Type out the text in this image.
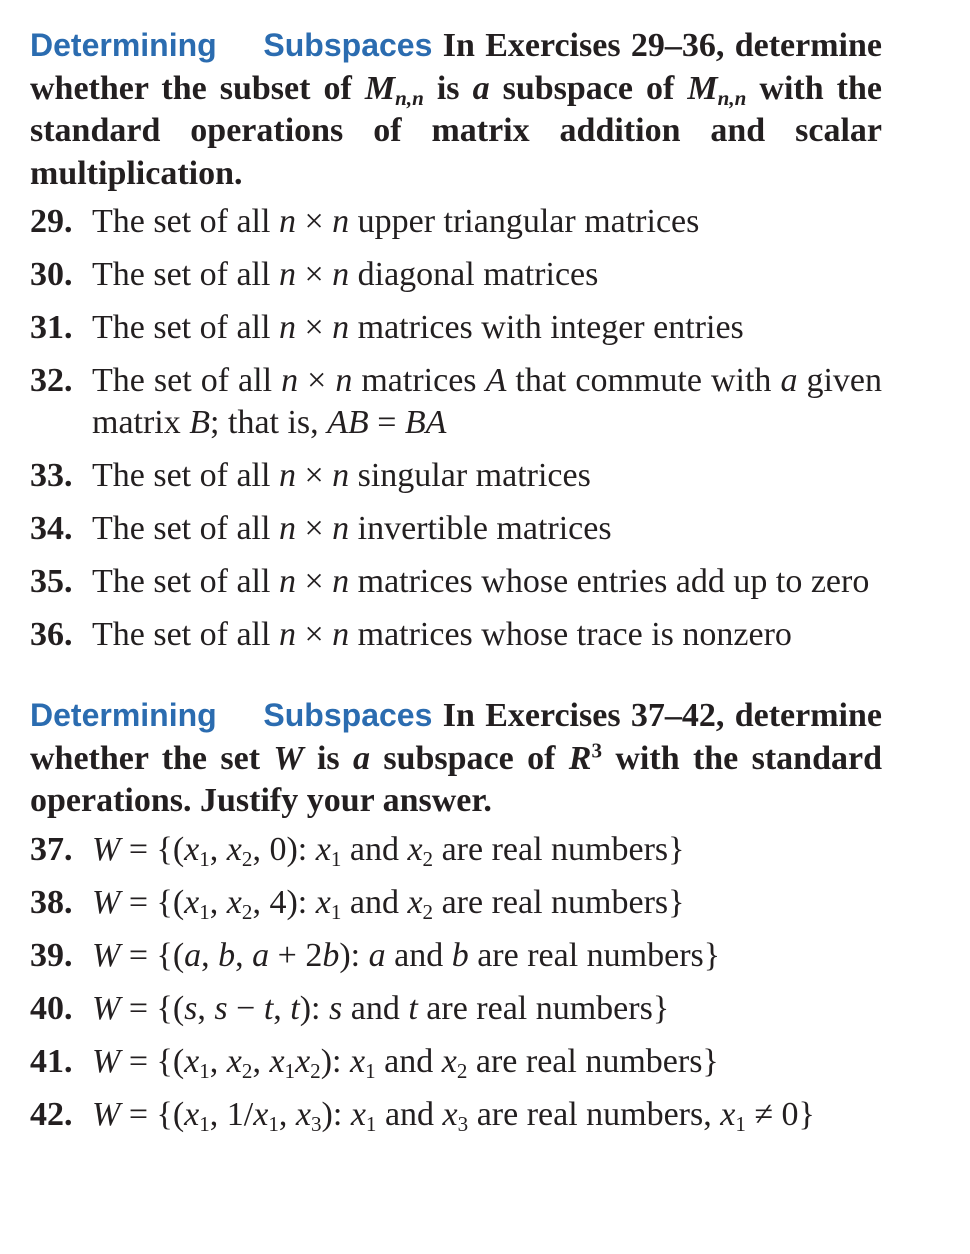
Determining Subspaces In Exercises 29–36, determine whether the subset of $M_{n,n}$ is a subspace of $M_{n,n}$ with the standard operations of matrix addition and scalar multiplication.

29. The set of all n × n upper triangular matrices
30. The set of all n × n diagonal matrices
31. The set of all n × n matrices with integer entries
32. The set of all n × n matrices A that commute with a given matrix B; that is, AB = BA
33. The set of all n × n singular matrices
34. The set of all n × n invertible matrices
35. The set of all n × n matrices whose entries add up to zero
36. The set of all n × n matrices whose trace is nonzero

Determining Subspaces In Exercises 37–42, determine whether the set W is a subspace of $R^3$ with the standard operations. Justify your answer.

37. $W = \{(x_1$, $x_2$, 0): $x_1$ and $x_2$ are real numbers}
38. $W = \{(x_1$, $x_2$, 4): $x_1$ and $x_2$ are real numbers}
39. W = {(a, b, a + 2b): a and b are real numbers}
40. W = {(s, s − t, t): s and t are real numbers}
41. $W = \{(x_1$, $x_2$, $x_1x_2$): $x_1$ and $x_2$ are real numbers}
42. $W = \{(x_1$, $1/x_1$, $x_3$): $x_1$ and $x_3$ are real numbers, $x_1 \ne 0$}
